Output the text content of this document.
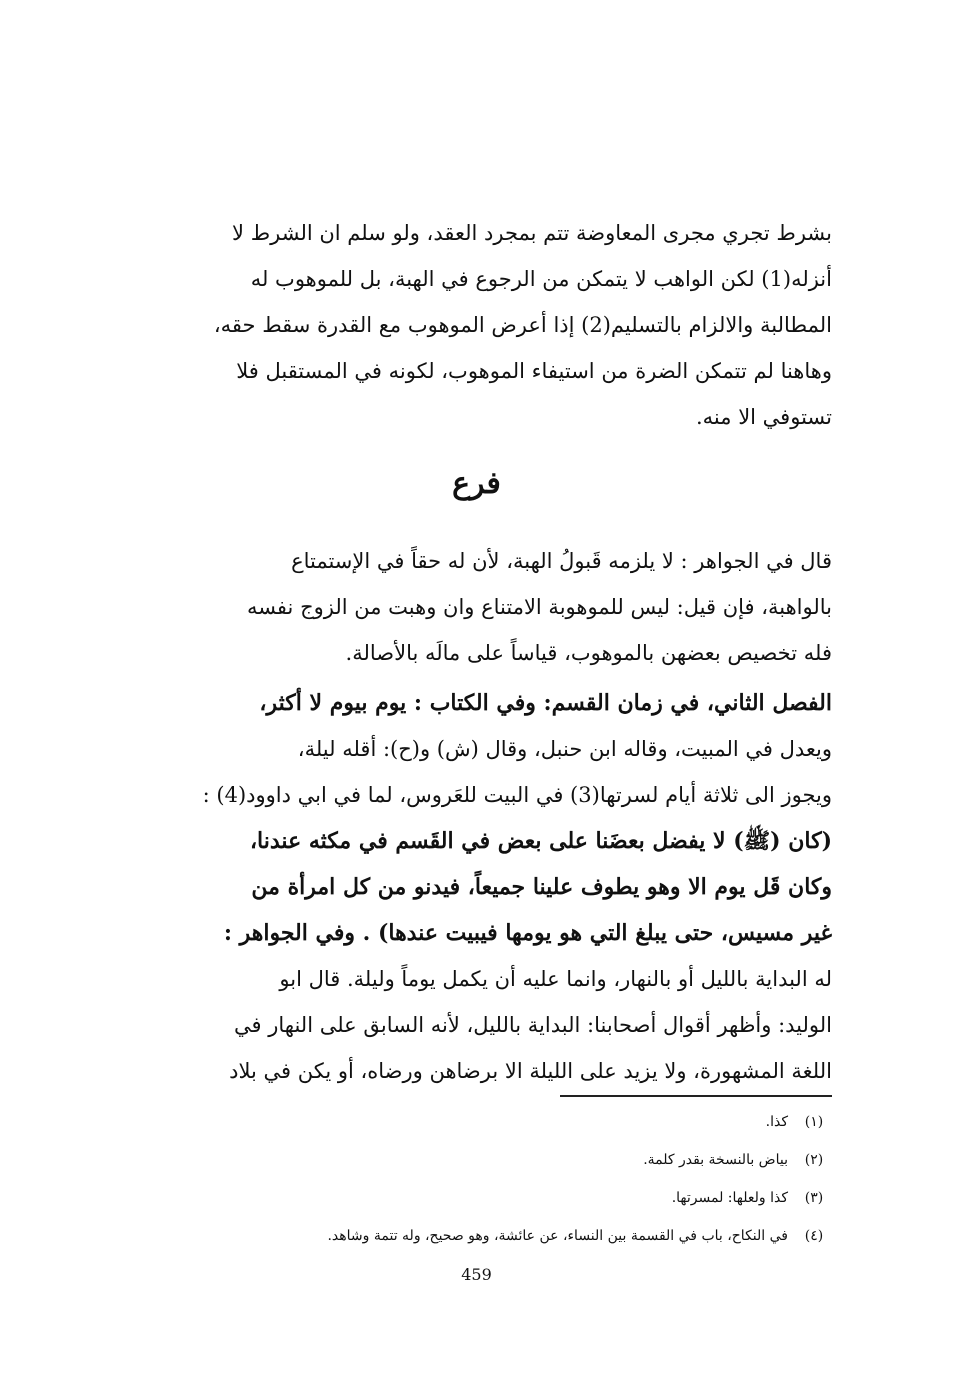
بشرط تجري مجرى المعاوضة تتم بمجرد العقد، ولو سلم ان الشرط لا
أنزله(1) لكن الواهب لا يتمكن من الرجوع في الهبة، بل للموهوب له
المطالبة والالزام بالتسليم(2) إذا أعرض الموهوب مع القدرة سقط حقه،
وهاهنا لم تتمكن الضرة من استيفاء الموهوب، لكونه في المستقبل فلا
تستوفي الا منه.
فرع
قال في الجواهر : لا يلزمه قَبولُ الهبة، لأن له حقاً في الإستمتاع
بالواهبة، فإن قيل: ليس للموهوبة الامتناع وان وهبت من الزوج نفسه
فله تخصيص بعضهن بالموهوب، قياساً على مالَه بالأصالة.
الفصل الثاني، في زمان القسم: وفي الكتاب : يوم بيوم لا أكثر،
ويعدل في المبيت، وقاله ابن حنبل، وقال (ش) و(ح): أقله ليلة،
ويجوز الى ثلاثة أيام لسرتها(3) في البيت للعَروس، لما في ابي داوود(4) :
(كان (ﷺ) لا يفضل بعضَنا على بعض في القَسم في مكثه عندنا،
وكان قَل يوم الا وهو يطوف علينا جميعاً، فيدنو من كل امرأة من
غير مسيس، حتى يبلغ التي هو يومها فيبيت عندها) . وفي الجواهر :
له البداية بالليل أو بالنهار، وانما عليه أن يكمل يوماً وليلة. قال ابو
الوليد: وأظهر أقوال أصحابنا: البداية بالليل، لأنه السابق على النهار في
اللغة المشهورة، ولا يزيد على الليلة الا برضاهن ورضاه، أو يكن في بلاد
(١)كذا.
(٢)بياض بالنسخة بقدر كلمة.
(٣)كذا ولعلها: لمسرتها.
(٤)في النكاح، باب في القسمة بين النساء، عن عائشة، وهو صحيح، وله تتمة وشاهد.
459
